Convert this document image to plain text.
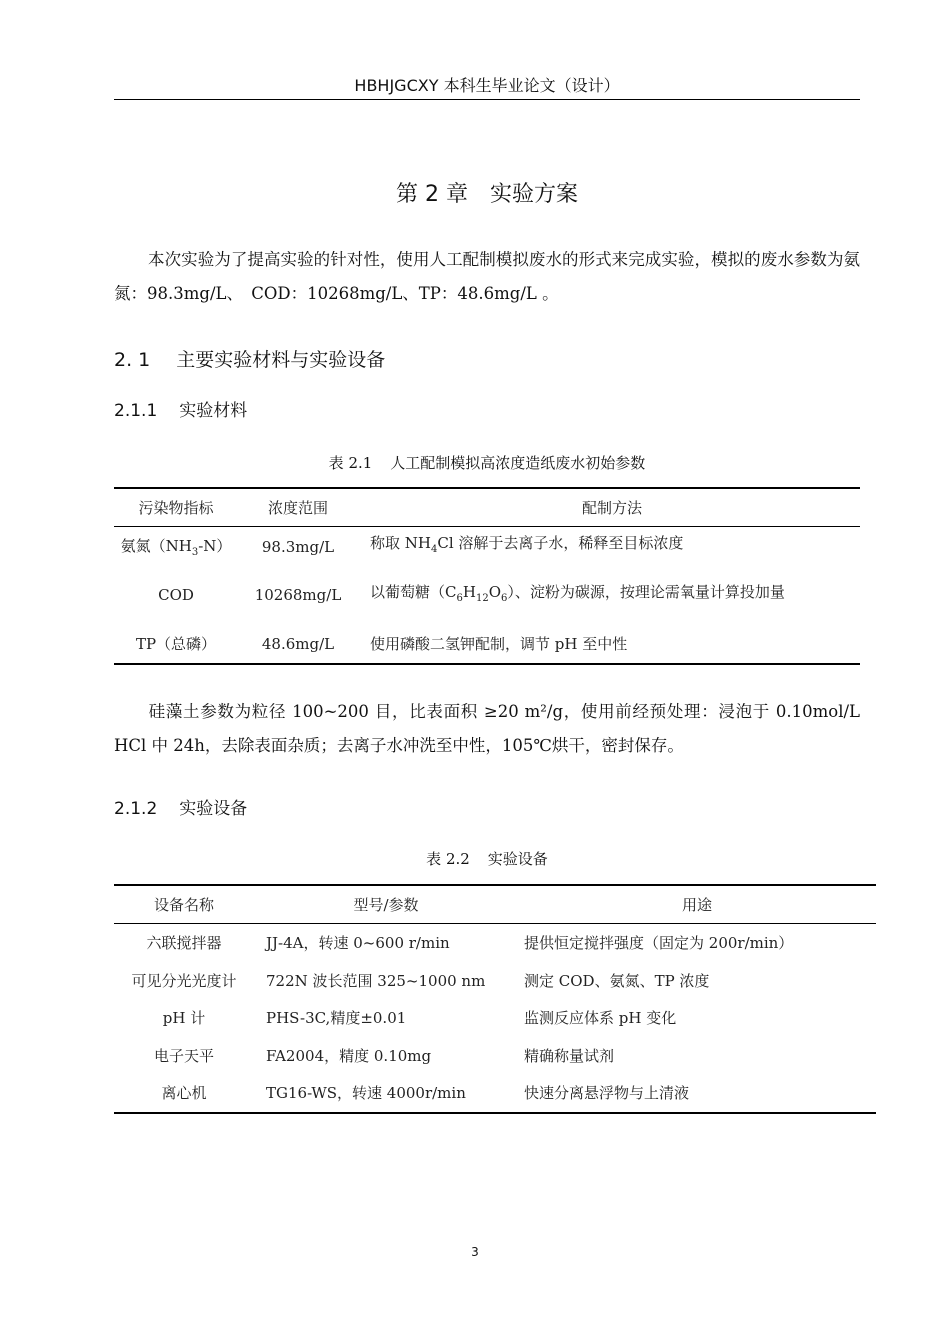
HBHJGCXY 本科生毕业论文（设计）
第 2 章　实验方案
本次实验为了提高实验的针对性，使用人工配制模拟废水的形式来完成实验，模拟的废水参数为氨氮：98.3mg/L、　COD：10268mg/L、TP：48.6mg/L 。
2. 1 主要实验材料与实验设备
2.1.1 实验材料
表 2.1 人工配制模拟高浓度造纸废水初始参数
污染物指标	浓度范围	配制方法
氨氮$(NH_3-N)$	98.3mg/L	称取 $NH_4Cl$ 溶解于去离子水，稀释至目标浓度
COD	10268mg/L	以葡萄糖$(C_6H_{12}O_6)$、淀粉为碳源，按理论需氧量计算投加量
TP（总磷）	48.6mg/L	使用磷酸二氢钾配制，调节 pH 至中性
硅藻土参数为粒径 100~200 目，比表面积 ≥20 m²/g，使用前经预处理：浸泡于 0.10mol/L HCl 中 24h，去除表面杂质；去离子水冲洗至中性，105℃烘干，密封保存。
2.1.2 实验设备
表 2.2 实验设备
设备名称	型号/参数	用途
六联搅拌器	JJ-4A，转速 0~600 r/min	提供恒定搅拌强度（固定为 200r/min）
可见分光光度计	722N 波长范围 325~1000 nm	测定 COD、氨氮、TP 浓度
pH 计	PHS-3C,精度±0.01	监测反应体系 pH 变化
电子天平	FA2004，精度 0.10mg	精确称量试剂
离心机	TG16-WS，转速 4000r/min	快速分离悬浮物与上清液
3
